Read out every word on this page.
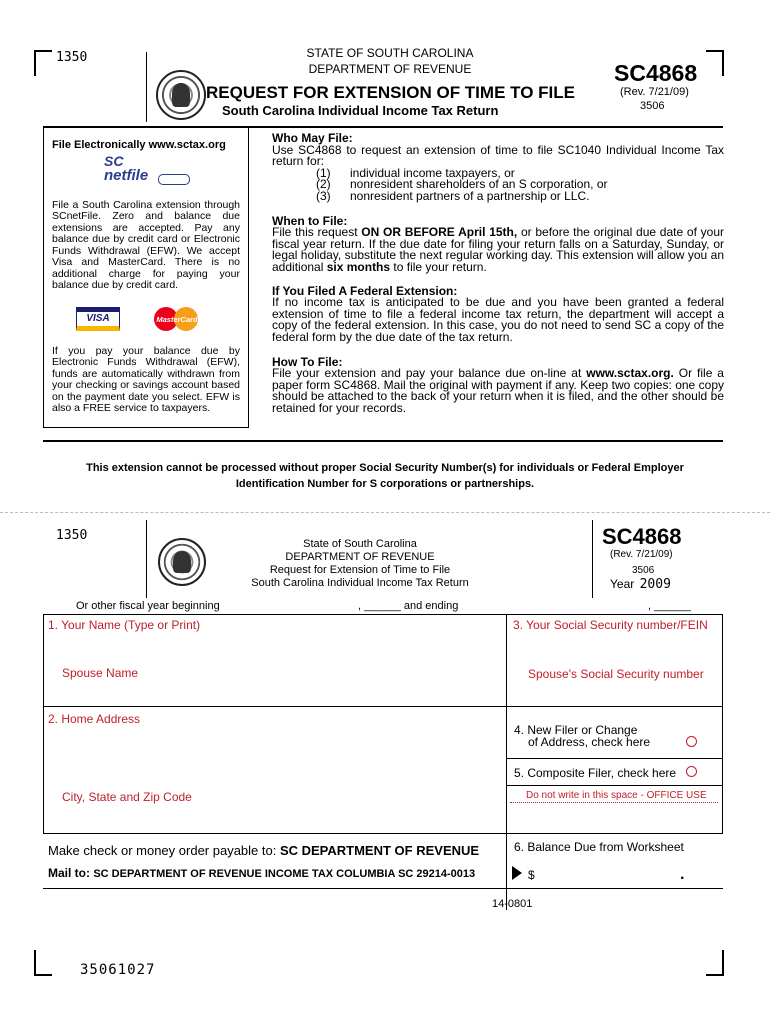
1350	STATE OF SOUTH CAROLINA
DEPARTMENT OF REVENUE
REQUEST FOR EXTENSION OF TIME TO FILE
South Carolina Individual Income Tax Return
SC4868
(Rev. 7/21/09)
3506
File Electronically www.sctax.org
SC
netfile
File a South Carolina extension through SCnetFile. Zero and balance due extensions are accepted. Pay any balance due by credit card or Electronic Funds Withdrawal (EFW). We accept Visa and MasterCard. There is no additional charge for paying your balance due by credit card.
VISA	MasterCard
If you pay your balance due by Electronic Funds Withdrawal (EFW), funds are automatically withdrawn from your checking or savings account based on the payment date you select. EFW is also a FREE service to taxpayers.
Who May File:
Use SC4868 to request an extension of time to file SC1040 Individual Income Tax return for:
(1) individual income taxpayers, or
(2) nonresident shareholders of an S corporation, or
(3) nonresident partners of a partnership or LLC.
When to File:
File this request ON OR BEFORE April 15th, or before the original due date of your fiscal year return. If the due date for filing your return falls on a Saturday, Sunday, or legal holiday, substitute the next regular working day. This extension will allow you an additional six months to file your return.
If You Filed A Federal Extension:
If no income tax is anticipated to be due and you have been granted a federal extension of time to file a federal income tax return, the department will accept a copy of the federal extension. In this case, you do not need to send SC a copy of the federal form by the due date of the tax return.
How To File:
File your extension and pay your balance due on-line at www.sctax.org. Or file a paper form SC4868. Mail the original with payment if any. Keep two copies: one copy should be attached to the back of your return when it is filed, and the other should be retained for your records.
This extension cannot be processed without proper Social Security Number(s) for individuals or Federal Employer Identification Number for S corporations or partnerships.
1350
State of South Carolina
DEPARTMENT OF REVENUE
Request for Extension of Time to File
South Carolina Individual Income Tax Return
SC4868
(Rev. 7/21/09)
3506
Year 2009
Or other fiscal year beginning	, ______ and ending	, ______
1. Your Name (Type or Print)	3. Your Social Security number/FEIN
Spouse Name	Spouse's Social Security number
2. Home Address
4. New Filer or Change
of Address, check here
5. Composite Filer, check here
City, State and Zip Code	Do not write in this space - OFFICE USE
6. Balance Due from Worksheet
Make check or money order payable to: SC DEPARTMENT OF REVENUE
Mail to: SC DEPARTMENT OF REVENUE INCOME TAX COLUMBIA SC 29214-0013	$	.
14-0801
35061027
